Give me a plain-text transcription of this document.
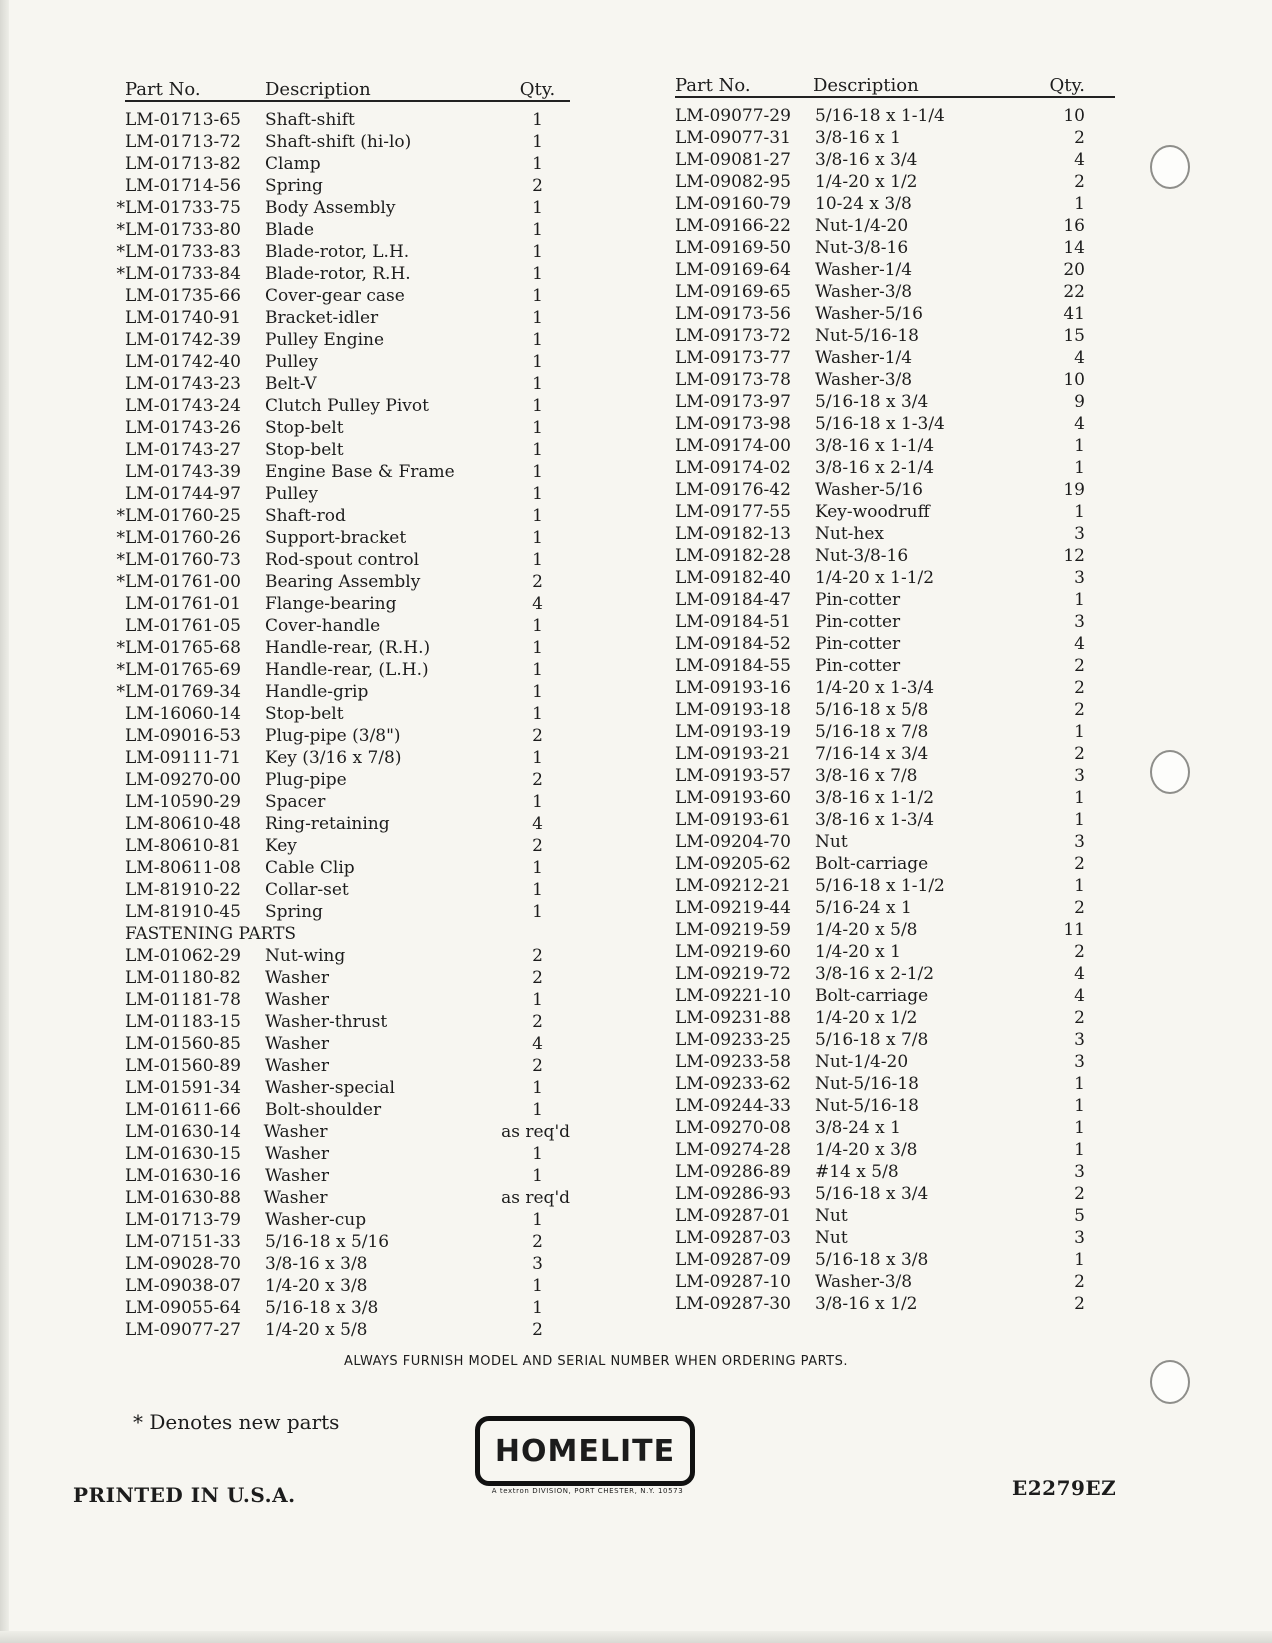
Part No.	Description	Qty.
LM-01713-65	Shaft-shift	1
LM-01713-72	Shaft-shift (hi-lo)	1
LM-01713-82	Clamp	1
LM-01714-56	Spring	2
*LM-01733-75	Body Assembly	1
*LM-01733-80	Blade	1
*LM-01733-83	Blade-rotor, L.H.	1
*LM-01733-84	Blade-rotor, R.H.	1
LM-01735-66	Cover-gear case	1
LM-01740-91	Bracket-idler	1
LM-01742-39	Pulley Engine	1
LM-01742-40	Pulley	1
LM-01743-23	Belt-V	1
LM-01743-24	Clutch Pulley Pivot	1
LM-01743-26	Stop-belt	1
LM-01743-27	Stop-belt	1
LM-01743-39	Engine Base & Frame	1
LM-01744-97	Pulley	1
*LM-01760-25	Shaft-rod	1
*LM-01760-26	Support-bracket	1
*LM-01760-73	Rod-spout control	1
*LM-01761-00	Bearing Assembly	2
LM-01761-01	Flange-bearing	4
LM-01761-05	Cover-handle	1
*LM-01765-68	Handle-rear, (R.H.)	1
*LM-01765-69	Handle-rear, (L.H.)	1
*LM-01769-34	Handle-grip	1
LM-16060-14	Stop-belt	1
LM-09016-53	Plug-pipe (3/8")	2
LM-09111-71	Key (3/16 x 7/8)	1
LM-09270-00	Plug-pipe	2
LM-10590-29	Spacer	1
LM-80610-48	Ring-retaining	4
LM-80610-81	Key	2
LM-80611-08	Cable Clip	1
LM-81910-22	Collar-set	1
LM-81910-45	Spring	1
FASTENING PARTS
LM-01062-29	Nut-wing	2
LM-01180-82	Washer	2
LM-01181-78	Washer	1
LM-01183-15	Washer-thrust	2
LM-01560-85	Washer	4
LM-01560-89	Washer	2
LM-01591-34	Washer-special	1
LM-01611-66	Bolt-shoulder	1
LM-01630-14	Washer	as req'd
LM-01630-15	Washer	1
LM-01630-16	Washer	1
LM-01630-88	Washer	as req'd
LM-01713-79	Washer-cup	1
LM-07151-33	5/16-18 x 5/16	2
LM-09028-70	3/8-16 x 3/8	3
LM-09038-07	1/4-20 x 3/8	1
LM-09055-64	5/16-18 x 3/8	1
LM-09077-27	1/4-20 x 5/8	2
Part No.	Description	Qty.
LM-09077-29	5/16-18 x 1-1/4	10
LM-09077-31	3/8-16 x 1	2
LM-09081-27	3/8-16 x 3/4	4
LM-09082-95	1/4-20 x 1/2	2
LM-09160-79	10-24 x 3/8	1
LM-09166-22	Nut-1/4-20	16
LM-09169-50	Nut-3/8-16	14
LM-09169-64	Washer-1/4	20
LM-09169-65	Washer-3/8	22
LM-09173-56	Washer-5/16	41
LM-09173-72	Nut-5/16-18	15
LM-09173-77	Washer-1/4	4
LM-09173-78	Washer-3/8	10
LM-09173-97	5/16-18 x 3/4	9
LM-09173-98	5/16-18 x 1-3/4	4
LM-09174-00	3/8-16 x 1-1/4	1
LM-09174-02	3/8-16 x 2-1/4	1
LM-09176-42	Washer-5/16	19
LM-09177-55	Key-woodruff	1
LM-09182-13	Nut-hex	3
LM-09182-28	Nut-3/8-16	12
LM-09182-40	1/4-20 x 1-1/2	3
LM-09184-47	Pin-cotter	1
LM-09184-51	Pin-cotter	3
LM-09184-52	Pin-cotter	4
LM-09184-55	Pin-cotter	2
LM-09193-16	1/4-20 x 1-3/4	2
LM-09193-18	5/16-18 x 5/8	2
LM-09193-19	5/16-18 x 7/8	1
LM-09193-21	7/16-14 x 3/4	2
LM-09193-57	3/8-16 x 7/8	3
LM-09193-60	3/8-16 x 1-1/2	1
LM-09193-61	3/8-16 x 1-3/4	1
LM-09204-70	Nut	3
LM-09205-62	Bolt-carriage	2
LM-09212-21	5/16-18 x 1-1/2	1
LM-09219-44	5/16-24 x 1	2
LM-09219-59	1/4-20 x 5/8	11
LM-09219-60	1/4-20 x 1	2
LM-09219-72	3/8-16 x 2-1/2	4
LM-09221-10	Bolt-carriage	4
LM-09231-88	1/4-20 x 1/2	2
LM-09233-25	5/16-18 x 7/8	3
LM-09233-58	Nut-1/4-20	3
LM-09233-62	Nut-5/16-18	1
LM-09244-33	Nut-5/16-18	1
LM-09270-08	3/8-24 x 1	1
LM-09274-28	1/4-20 x 3/8	1
LM-09286-89	#14 x 5/8	3
LM-09286-93	5/16-18 x 3/4	2
LM-09287-01	Nut	5
LM-09287-03	Nut	3
LM-09287-09	5/16-18 x 3/8	1
LM-09287-10	Washer-3/8	2
LM-09287-30	3/8-16 x 1/2	2
ALWAYS FURNISH MODEL AND SERIAL NUMBER WHEN ORDERING PARTS.
* Denotes new parts
HOMELITE
A textron DIVISION, PORT CHESTER, N.Y. 10573
PRINTED IN U.S.A.	E2279EZ
